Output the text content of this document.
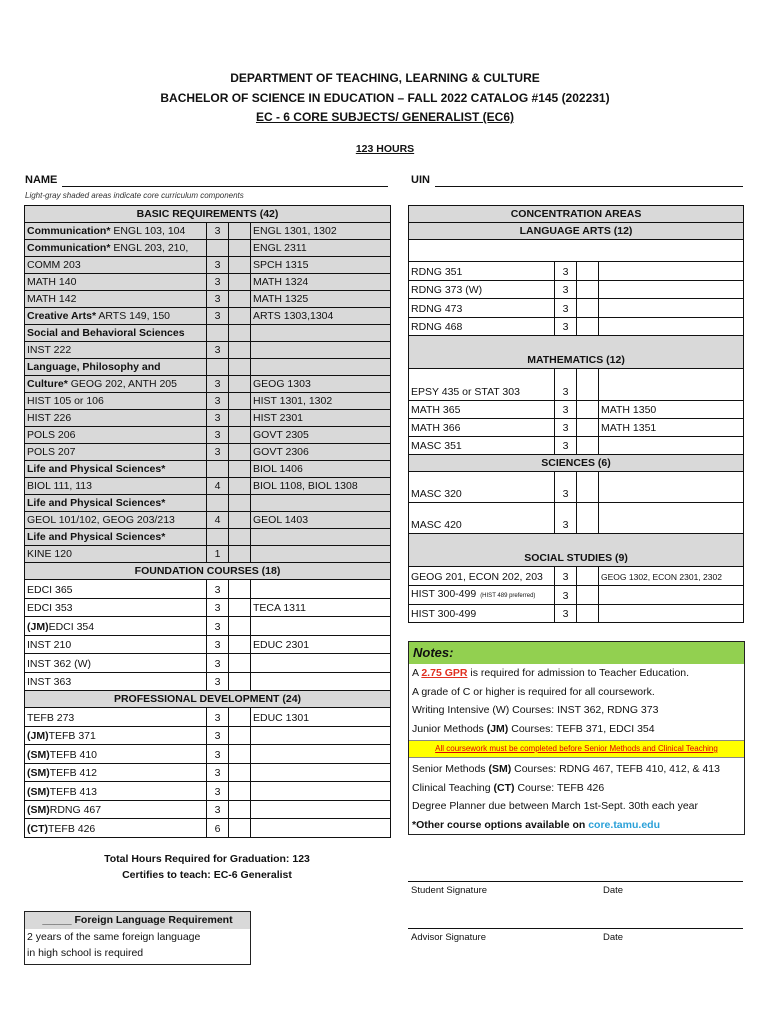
DEPARTMENT OF TEACHING, LEARNING & CULTURE
BACHELOR OF SCIENCE IN EDUCATION – FALL 2022 CATALOG #145 (202231)
EC - 6 CORE SUBJECTS/ GENERALIST (EC6)
123 HOURS
NAME	UIN
Light-gray shaded areas indicate core curriculum components
BASIC REQUIREMENTS (42)			
Communication* ENGL 103, 104	3		ENGL 1301, 1302
Communication* ENGL 203, 210,			ENGL 2311
COMM 203	3		SPCH 1315
MATH 140	3		MATH 1324
MATH 142	3		MATH 1325
Creative Arts* ARTS 149, 150	3		ARTS 1303,1304
Social and Behavioral Sciences			
INST 222	3		
Language, Philosophy and			
Culture* GEOG 202, ANTH 205	3		GEOG 1303
HIST 105 or 106	3		HIST 1301, 1302
HIST 226	3		HIST 2301
POLS 206	3		GOVT 2305
POLS 207	3		GOVT 2306
Life and Physical Sciences*			BIOL 1406
BIOL 111, 113	4		BIOL 1108, BIOL 1308
Life and Physical Sciences*			
GEOL 101/102, GEOG 203/213	4		GEOL 1403
Life and Physical Sciences*			
KINE 120	1		
FOUNDATION COURSES (18)			
EDCI 365	3		
EDCI 353	3		TECA 1311
(JM)EDCI 354	3		
INST 210	3		EDUC 2301
INST 362 (W)	3		
INST 363	3		
PROFESSIONAL DEVELOPMENT (24)			
TEFB 273	3		EDUC 1301
(JM)TEFB 371	3		
(SM)TEFB 410	3		
(SM)TEFB 412	3		
(SM)TEFB 413	3		
(SM)RDNG 467	3		
(CT)TEFB 426	6		
Total Hours Required for Graduation: 123
Certifies to teach: EC-6 Generalist
CONCENTRATION AREAS			
LANGUAGE ARTS (12)			

RDNG 351	3		
RDNG 373 (W)	3		
RDNG 473	3		
RDNG 468	3		
MATHEMATICS (12)			
EPSY 435 or STAT 303	3		
MATH 365	3		MATH 1350
MATH 366	3		MATH 1351
MASC 351	3		
SCIENCES (6)			
MASC 320	3		
MASC 420	3		
SOCIAL STUDIES (9)			
GEOG 201, ECON 202, 203	3		GEOG 1302, ECON 2301, 2302
HIST 300-499 (HIST 489 preferred)	3		
HIST 300-499	3		
Notes:
A 2.75 GPR is required for admission to Teacher Education.
A grade of C or higher is required for all coursework.
Writing Intensive (W) Courses: INST 362, RDNG 373
Junior Methods (JM) Courses: TEFB 371, EDCI 354
All coursework must be completed before Senior Methods and Clinical Teaching
Senior Methods (SM) Courses: RDNG 467, TEFB 410, 412, & 413
Clinical Teaching (CT) Course: TEFB 426
Degree Planner due between March 1st-Sept. 30th each year
*Other course options available on core.tamu.edu
Student Signature	Date
Advisor Signature	Date
_____ Foreign Language Requirement
2 years of the same foreign language
in high school is required
